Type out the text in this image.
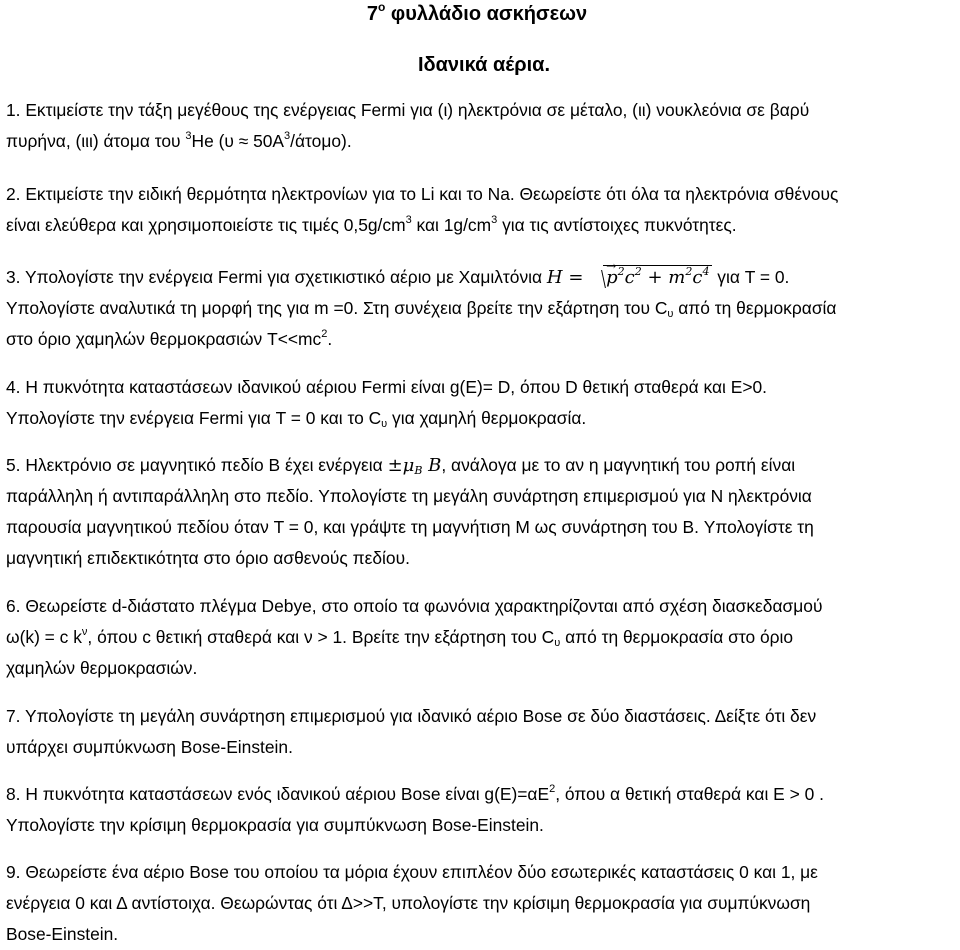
$7^o$ φυλλάδιο ασκήσεων
Ιδανικά αέρια.
1. Εκτιμείστε την τάξη μεγέθους της ενέργειας Fermi για (ι) ηλεκτρόνια σε μέταλο, (ιι) νουκλεόνια σε βαρύ
πυρήνα, (ιιι) άτομα του $^3$He $(\upsilon \approx 50A^3/ά\tau o\mu o)$.
2. Εκτιμείστε την ειδική θερμότητα ηλεκτρονίων για το Li και το Na. Θεωρείστε ότι όλα τα ηλεκτρόνια σθένους
είναι ελεύθερα και χρησιμοποιείστε τις τιμές $0,5g/cm^3$ και $1g/cm^3$ για τις αντίστοιχες πυκνότητες.
3. Υπολογίστε την ενέργεια Fermi για σχετικιστικό αέριο με Χαμιλτόνια H = → $p^2c^2 + m^2c^4$ για T = 0.
Υπολογίστε αναλυτικά τη μορφή της για m =0. Στη συνέχεια βρείτε την εξάρτηση του $C_\upsilon$ από τη θερμοκρασία
στο όριο χαμηλών θερμοκρασιών $T<<mc^2$.
4. Η πυκνότητα καταστάσεων ιδανικού αέριου Fermi είναι g(E)= D, όπου D θετική σταθερά και E>0.
Υπολογίστε την ενέργεια Fermi για T = 0 και το $C_\upsilon$ για χαμηλή θερμοκρασία.
5. Ηλεκτρόνιο σε μαγνητικό πεδίο B έχει $\varepsilon\nu έ\rho\gamma\varepsilon\iota\alpha \pm\mu_B$ B, ανάλογα με το αν η μαγνητική του ροπή είναι
παράλληλη ή αντιπαράλληλη στο πεδίο. Υπολογίστε τη μεγάλη συνάρτηση επιμερισμού για N ηλεκτρόνια
παρουσία μαγνητικού πεδίου όταν T = 0, και γράψτε τη μαγνήτιση M ως συνάρτηση του B. Υπολογίστε τη
μαγνητική επιδεκτικότητα στο όριο ασθενούς πεδίου.
6. Θεωρείστε d-διάστατο πλέγμα Debye, στο οποίο τα φωνόνια χαρακτηρίζονται από σχέση διασκεδασμού
ω(k) = c $k^\nu$, όπου c θετική σταθερά και ν > 1. Βρείτε την εξάρτηση του $C_\upsilon$ από τη θερμοκρασία στο όριο
χαμηλών θερμοκρασιών.
7. Υπολογίστε τη μεγάλη συνάρτηση επιμερισμού για ιδανικό αέριο Bose σε δύο διαστάσεις. Δείξτε ότι δεν
υπάρχει συμπύκνωση Bose-Einstein.
8. Η πυκνότητα καταστάσεων ενός ιδανικού αέριου Bose είναι $g(E)=\alpha E^2$, όπου α θετική σταθερά και E > 0 .
Υπολογίστε την κρίσιμη θερμοκρασία για συμπύκνωση Bose-Einstein.
9. Θεωρείστε ένα αέριο Bose του οποίου τα μόρια έχουν επιπλέον δύο εσωτερικές καταστάσεις 0 και 1, με
ενέργεια 0 και Δ αντίστοιχα. Θεωρώντας ότι Δ>>T, υπολογίστε την κρίσιμη θερμοκρασία για συμπύκνωση
Bose-Einstein.
